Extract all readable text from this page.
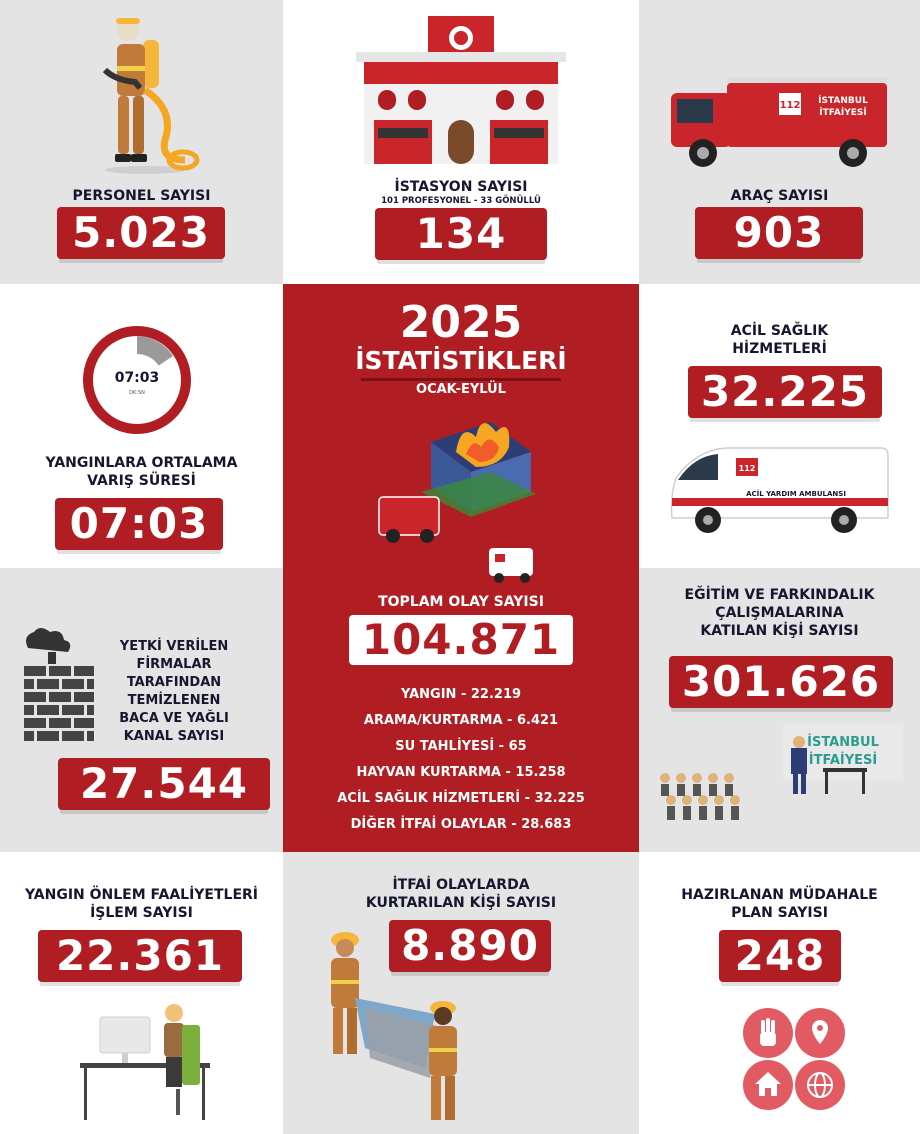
PERSONEL SAYISI
5.023
İSTASYON SAYISI
101 PROFESYONEL - 33 GÖNÜLLÜ
134
112 İSTANBUL
İTFAİYESİ
ARAÇ SAYISI
903
07:03
DK:SN
YANGINLARA ORTALAMA
VARIŞ SÜRESİ
07:03
2025
İSTATİSTİKLERİ
OCAK-EYLÜL
TOPLAM OLAY SAYISI
104.871
YANGIN - 22.219
ARAMA/KURTARMA - 6.421
SU TAHLİYESİ - 65
HAYVAN KURTARMA - 15.258
ACİL SAĞLIK HİZMETLERİ - 32.225
DİĞER İTFAİ OLAYLAR - 28.683
ACİL SAĞLIK
HİZMETLERİ
32.225
112
ACİL YARDIM AMBULANSI
YETKİ VERİLEN
FİRMALAR
TARAFINDAN
TEMİZLENEN
BACA VE YAĞLI
KANAL SAYISI
27.544
EĞİTİM VE FARKINDALIK
ÇALIŞMALARINA
KATILAN KİŞİ SAYISI
301.626
İSTANBUL
İTFAİYESİ
YANGIN ÖNLEM FAALİYETLERİ
İŞLEM SAYISI
22.361
İTFAİ OLAYLARDA
KURTARILAN KİŞİ SAYISI
8.890
HAZIRLANAN MÜDAHALE
PLAN SAYISI
248
